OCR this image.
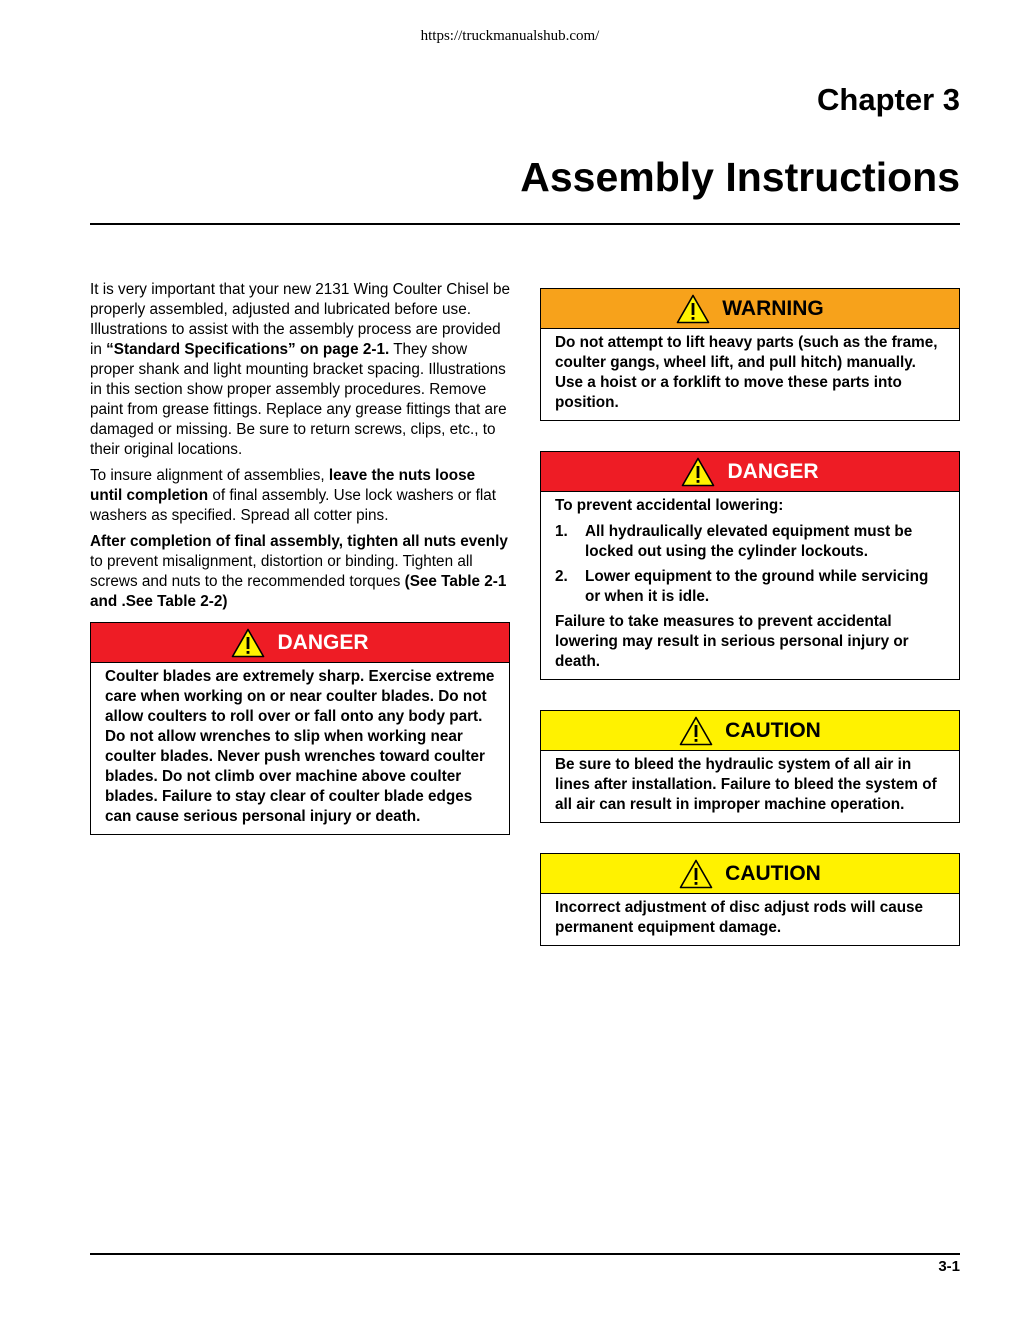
https://truckmanualshub.com/
Chapter 3
Assembly Instructions

It is very important that your new 2131 Wing Coulter Chisel be properly assembled, adjusted and lubricated before use. Illustrations to assist with the assembly process are provided in “Standard Specifications” on page 2-1. They show proper shank and light mounting bracket spacing. Illustrations in this section show proper assembly procedures. Remove paint from grease fittings. Replace any grease fittings that are damaged or missing. Be sure to return screws, clips, etc., to their original locations.

To insure alignment of assemblies, leave the nuts loose until completion of final assembly. Use lock washers or flat washers as specified. Spread all cotter pins.

After completion of final assembly, tighten all nuts evenly to prevent misalignment, distortion or binding. Tighten all screws and nuts to the recommended torques (See Table 2-1 and .See Table 2-2)

DANGER

Coulter blades are extremely sharp. Exercise extreme care when working on or near coulter blades. Do not allow coulters to roll over or fall onto any body part. Do not allow wrenches to slip when working near coulter blades. Never push wrenches toward coulter blades. Do not climb over machine above coulter blades. Failure to stay clear of coulter blade edges can cause serious personal injury or death.

WARNING

Do not attempt to lift heavy parts (such as the frame, coulter gangs, wheel lift, and pull hitch) manually. Use a hoist or a forklift to move these parts into position.

DANGER

To prevent accidental lowering:

1. All hydraulically elevated equipment must be locked out using the cylinder lockouts.
2. Lower equipment to the ground while servicing or when it is idle.

Failure to take measures to prevent accidental lowering may result in serious personal injury or death.

CAUTION

Be sure to bleed the hydraulic system of all air in lines after installation. Failure to bleed the system of all air can result in improper machine operation.

CAUTION

Incorrect adjustment of disc adjust rods will cause permanent equipment damage.

3-1
